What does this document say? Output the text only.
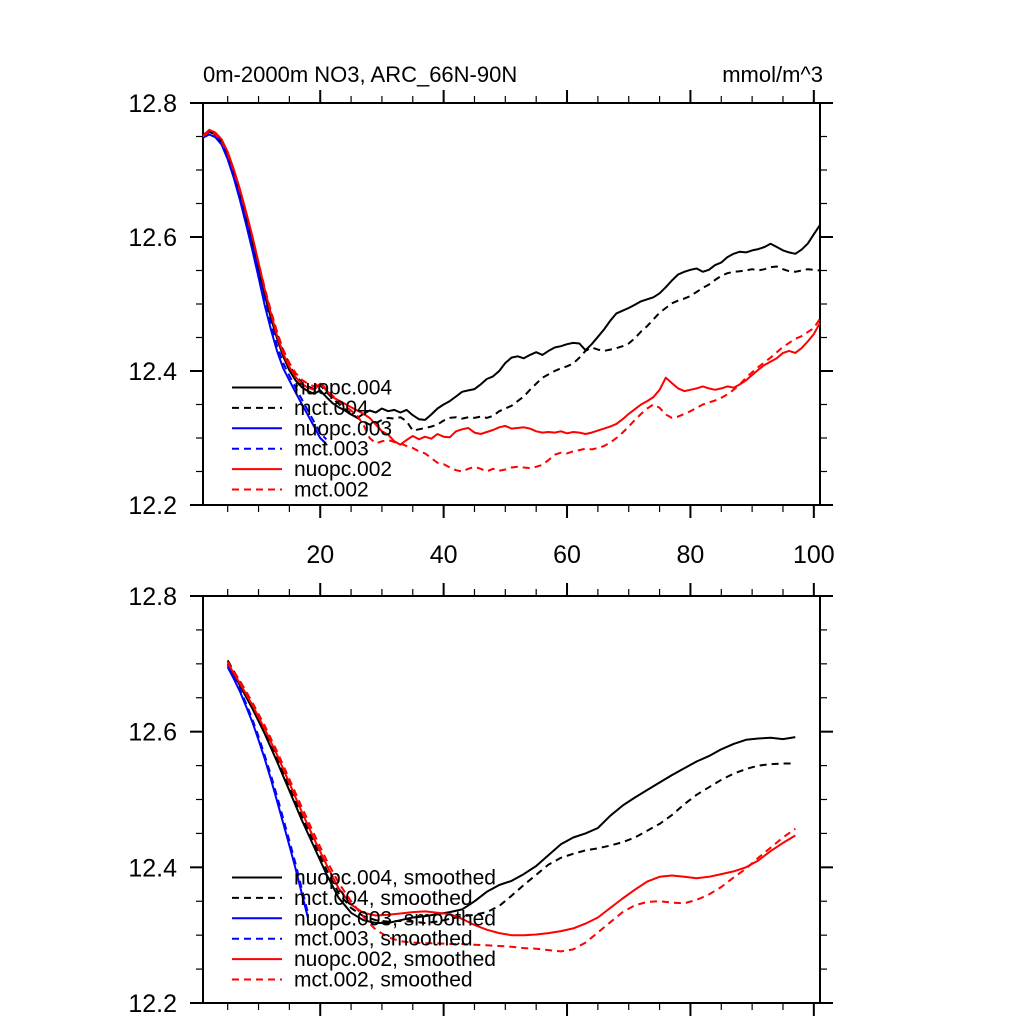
0m-2000m NO3, ARC_66N-90N	mmol/m^3
20	40	60	80	100
12.2
12.4
12.6
12.8
nuopc.004
mct.004
nuopc.003
mct.003
nuopc.002
mct.002
12.2
12.4
12.6
12.8
nuopc.004, smoothed
mct.004, smoothed
nuopc.003, smoothed
mct.003, smoothed
nuopc.002, smoothed
mct.002, smoothed
